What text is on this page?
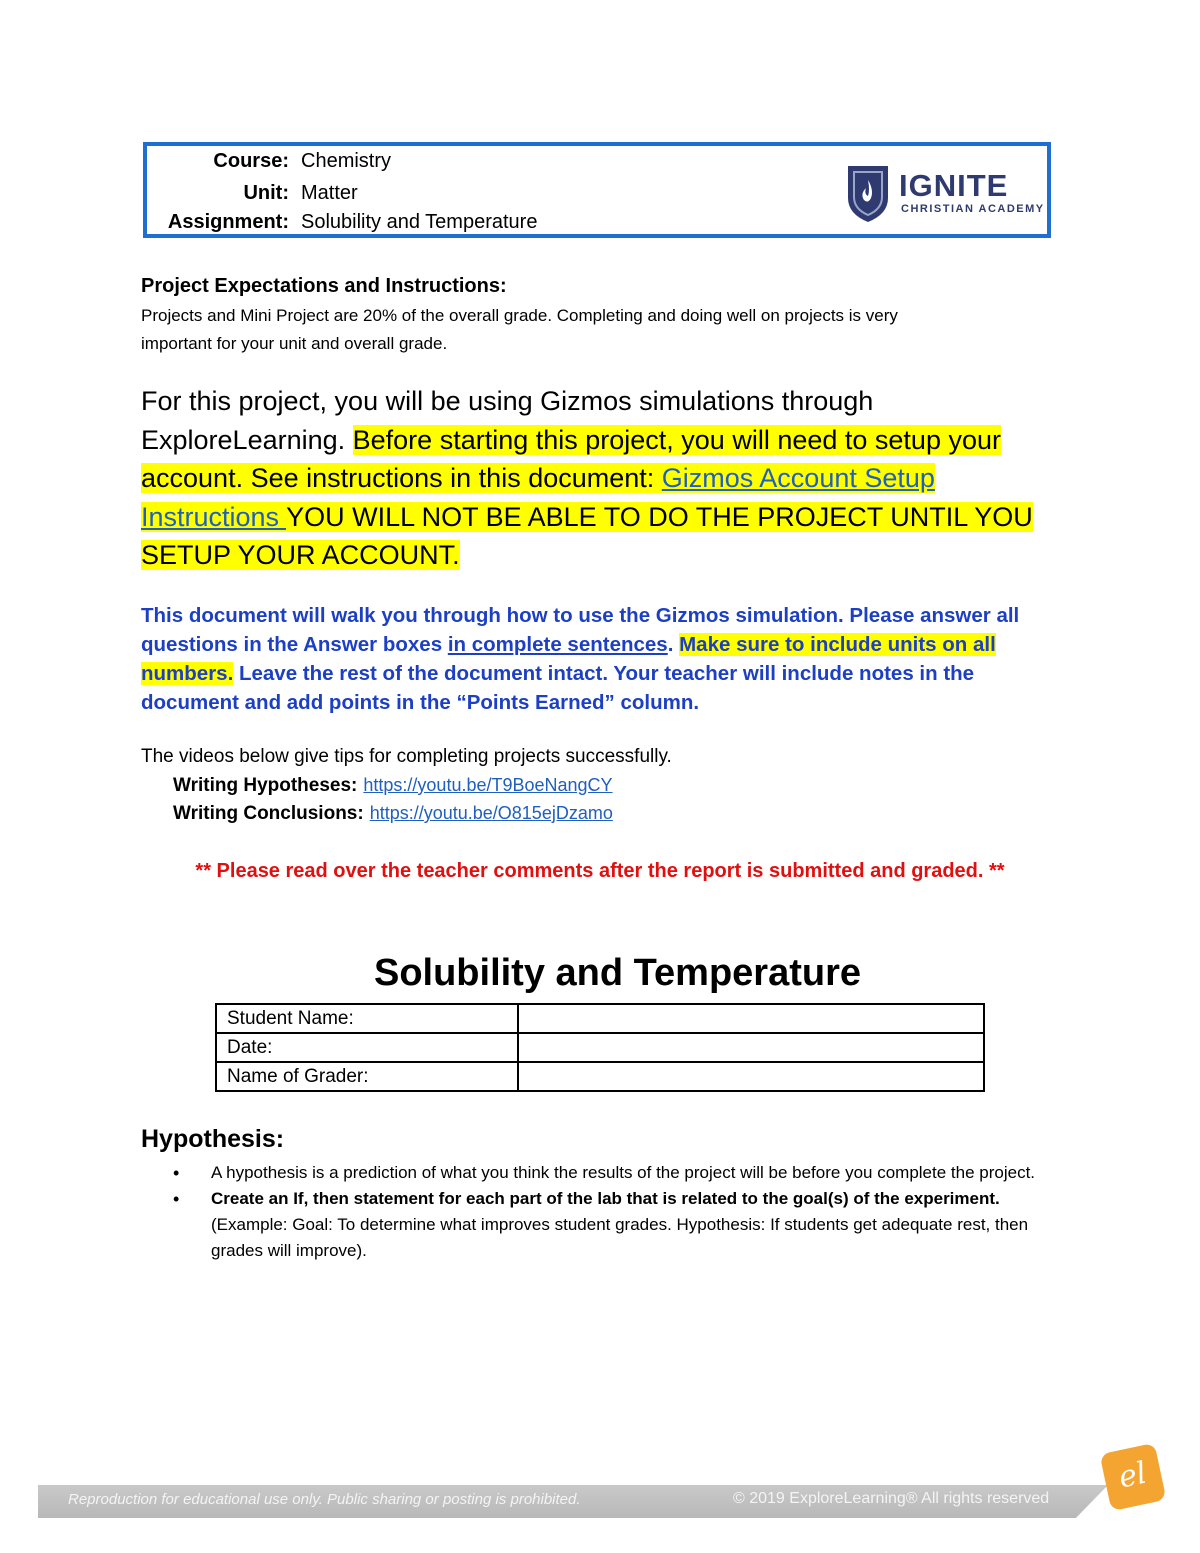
Course: Chemistry
Unit: Matter
Assignment: Solubility and Temperature
IGNITE
CHRISTIAN ACADEMY
Project Expectations and Instructions:
Projects and Mini Project are 20% of the overall grade. Completing and doing well on projects is very
important for your unit and overall grade.
For this project, you will be using Gizmos simulations through ExploreLearning. Before starting this project, you will need to setup your account. See instructions in this document: Gizmos Account Setup Instructions YOU WILL NOT BE ABLE TO DO THE PROJECT UNTIL YOU SETUP YOUR ACCOUNT.
This document will walk you through how to use the Gizmos simulation. Please answer all questions in the Answer boxes in complete sentences. Make sure to include units on all numbers. Leave the rest of the document intact. Your teacher will include notes in the document and add points in the “Points Earned” column.
The videos below give tips for completing projects successfully.
Writing Hypotheses: https://youtu.be/T9BoeNangCY
Writing Conclusions: https://youtu.be/O815ejDzamo
** Please read over the teacher comments after the report is submitted and graded. **
Solubility and Temperature
Student Name:	
Date:	
Name of Grader:	
Hypothesis:
• A hypothesis is a prediction of what you think the results of the project will be before you complete the project.
• Create an If, then statement for each part of the lab that is related to the goal(s) of the experiment. (Example: Goal: To determine what improves student grades. Hypothesis: If students get adequate rest, then grades will improve).
Reproduction for educational use only. Public sharing or posting is prohibited.	© 2019 ExploreLearning® All rights reserved
el
